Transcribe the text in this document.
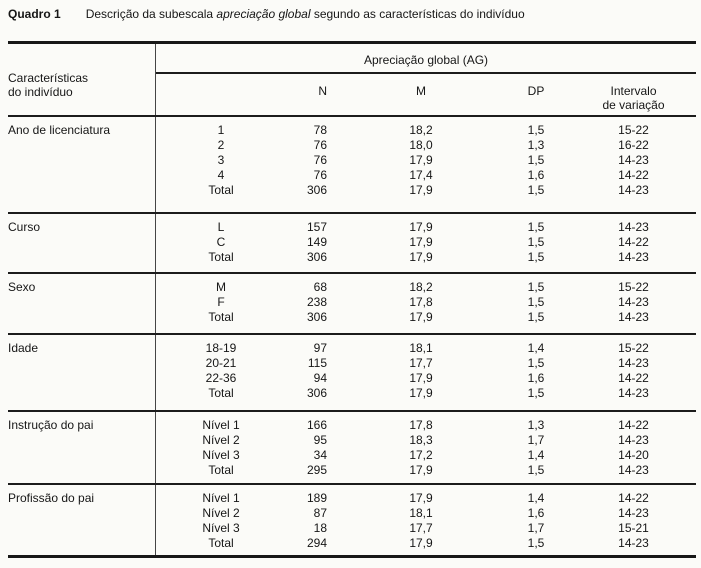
Quadro 1 Descrição da subescala apreciação global segundo as características do indivíduo
Características
do indivíduo
Apreciação global (AG)
N	M	DP	Intervalo
de variação
Ano de licenciatura	1	78	18,2	1,5	15-22
2	76	18,0	1,3	16-22
3	76	17,9	1,5	14-23
4	76	17,4	1,6	14-22
Total	306	17,9	1,5	14-23
Curso	L	157	17,9	1,5	14-23
C	149	17,9	1,5	14-22
Total	306	17,9	1,5	14-23
Sexo	M	68	18,2	1,5	15-22
F	238	17,8	1,5	14-23
Total	306	17,9	1,5	14-23
Idade	18-19	97	18,1	1,4	15-22
20-21	115	17,7	1,5	14-23
22-36	94	17,9	1,6	14-22
Total	306	17,9	1,5	14-23
Instrução do pai	Nível 1	166	17,8	1,3	14-22
Nível 2	95	18,3	1,7	14-23
Nível 3	34	17,2	1,4	14-20
Total	295	17,9	1,5	14-23
Profissão do pai	Nível 1	189	17,9	1,4	14-22
Nível 2	87	18,1	1,6	14-23
Nível 3	18	17,7	1,7	15-21
Total	294	17,9	1,5	14-23
